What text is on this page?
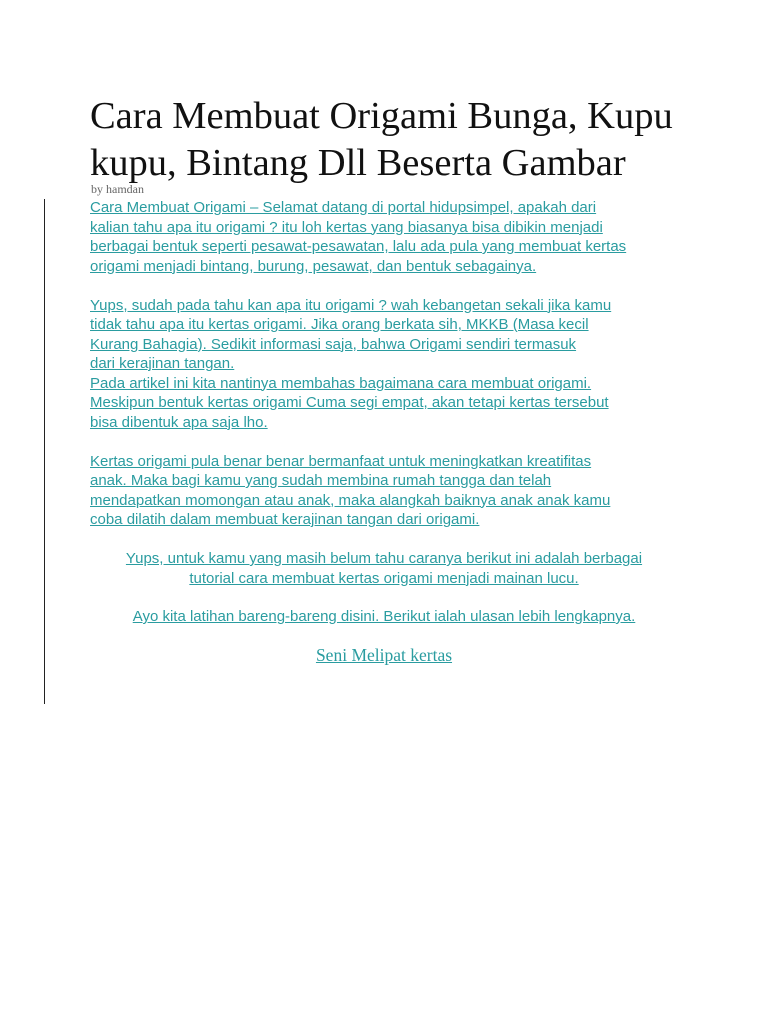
Cara Membuat Origami Bunga, Kupu
kupu, Bintang Dll Beserta Gambar
by hamdan

Cara Membuat Origami – Selamat datang di portal hidupsimpel, apakah dari
kalian tahu apa itu origami ? itu loh kertas yang biasanya bisa dibikin menjadi
berbagai bentuk seperti pesawat-pesawatan, lalu ada pula yang membuat kertas
origami menjadi bintang, burung, pesawat, dan bentuk sebagainya.

Yups, sudah pada tahu kan apa itu origami ? wah kebangetan sekali jika kamu
tidak tahu apa itu kertas origami. Jika orang berkata sih, MKKB (Masa kecil
Kurang Bahagia). Sedikit informasi saja, bahwa Origami sendiri termasuk
dari kerajinan tangan.

Pada artikel ini kita nantinya membahas bagaimana cara membuat origami.
Meskipun bentuk kertas origami Cuma segi empat, akan tetapi kertas tersebut
bisa dibentuk apa saja lho.

Kertas origami pula benar benar bermanfaat untuk meningkatkan kreatifitas
anak. Maka bagi kamu yang sudah membina rumah tangga dan telah
mendapatkan momongan atau anak, maka alangkah baiknya anak anak kamu
coba dilatih dalam membuat kerajinan tangan dari origami.

Yups, untuk kamu yang masih belum tahu caranya berikut ini adalah berbagai
tutorial cara membuat kertas origami menjadi mainan lucu.

Ayo kita latihan bareng-bareng disini. Berikut ialah ulasan lebih lengkapnya.

Seni Melipat kertas
